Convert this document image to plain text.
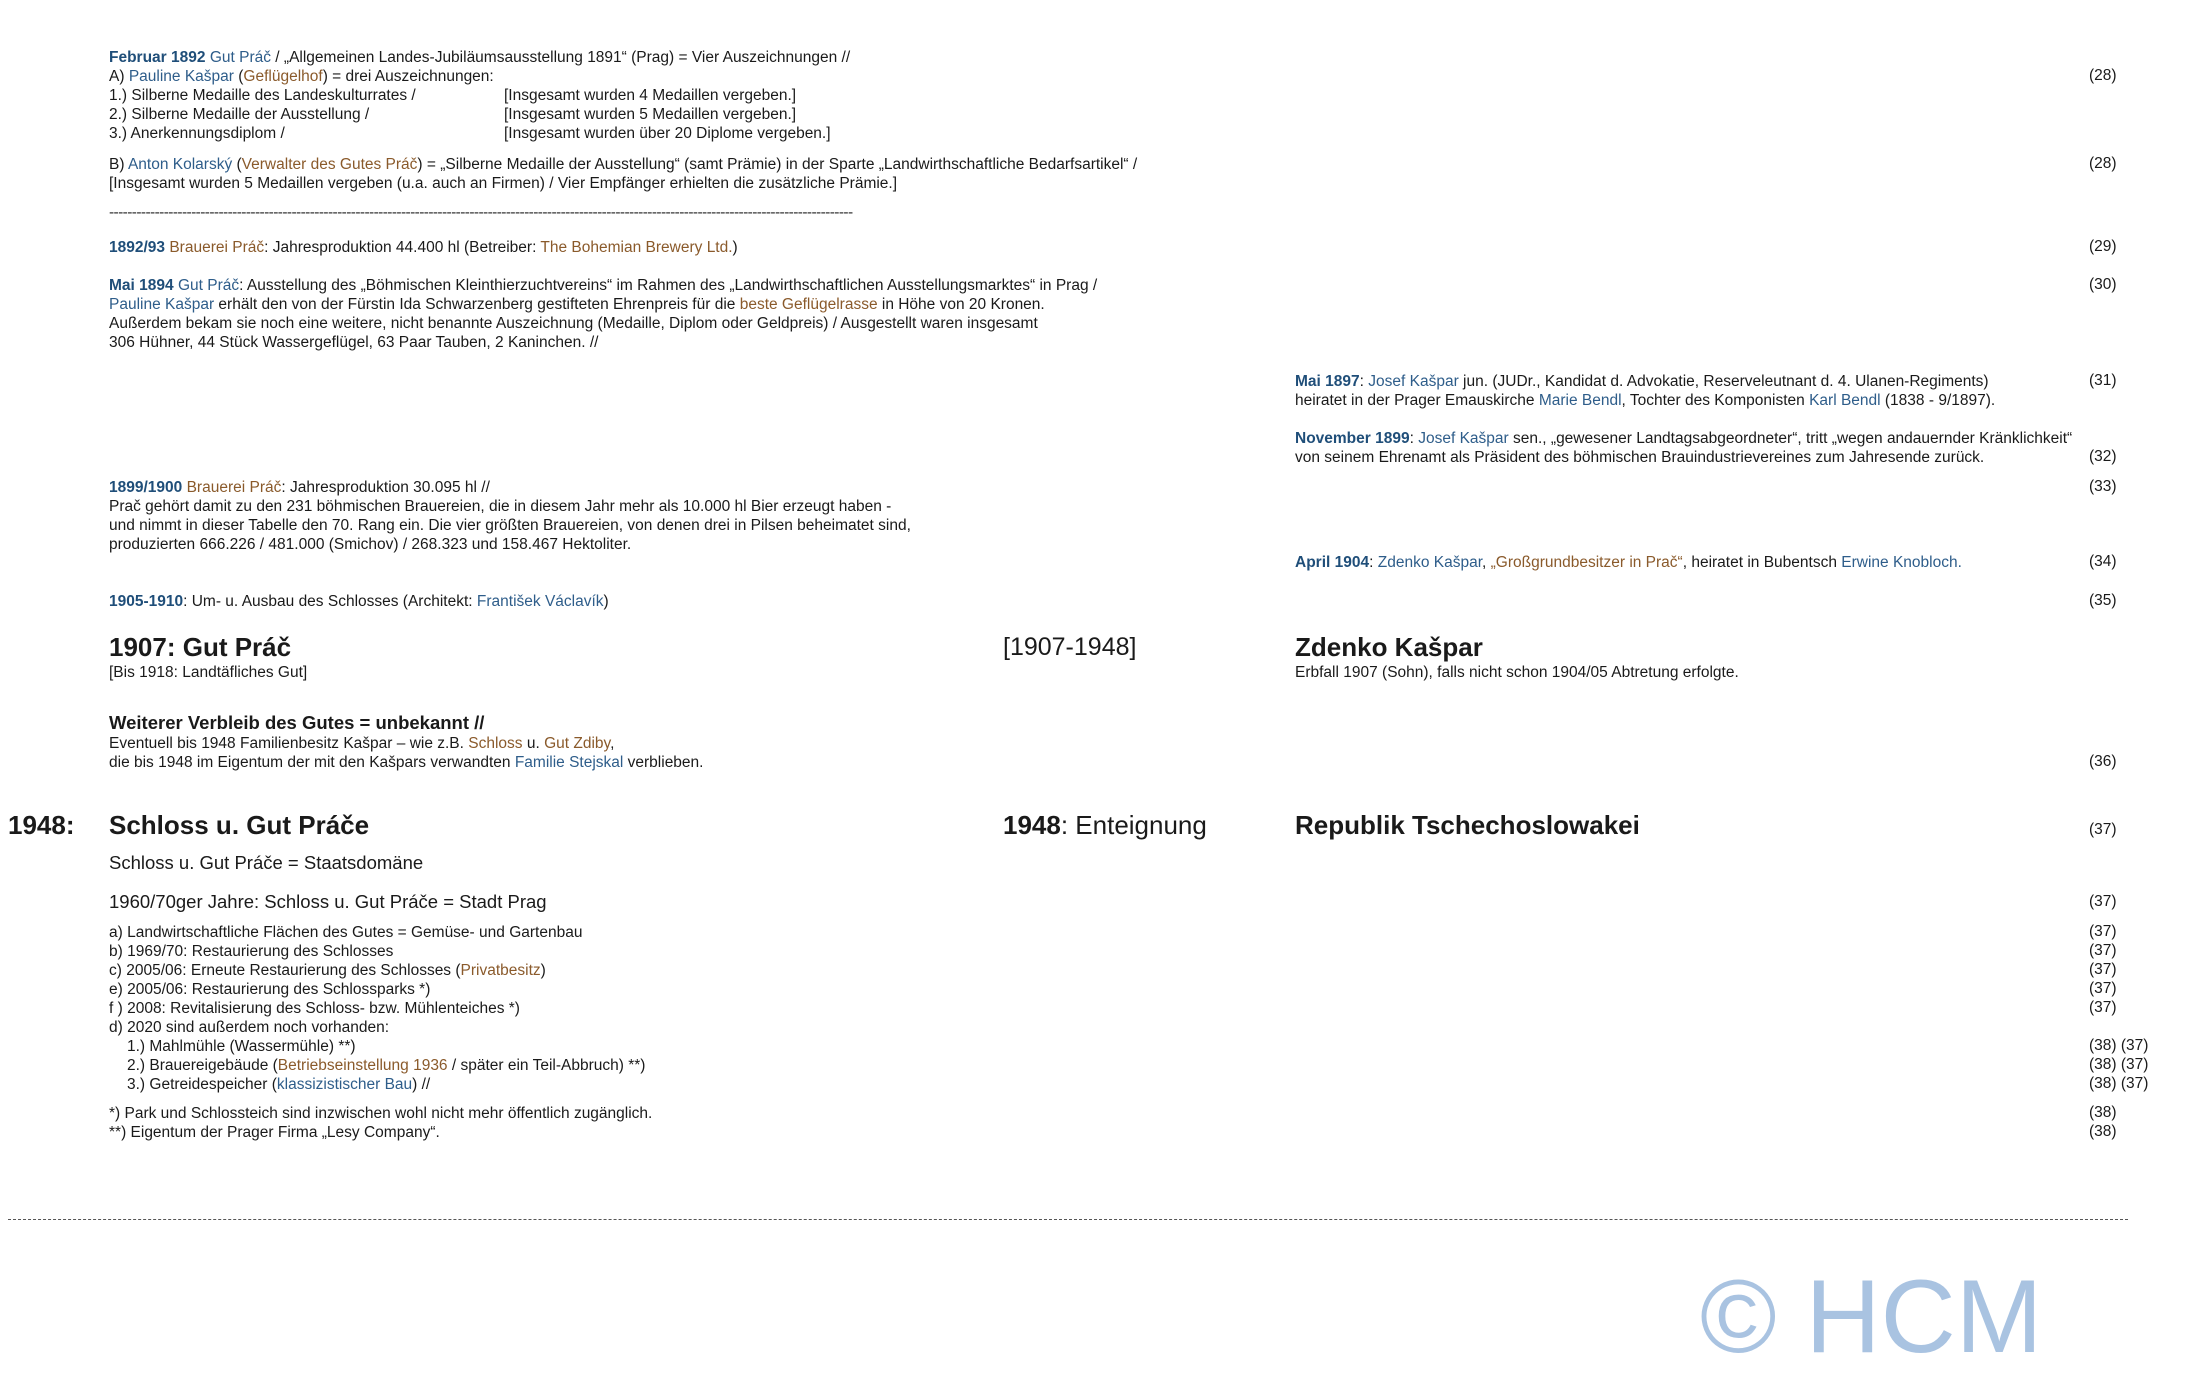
Februar 1892 Gut Práč / „Allgemeinen Landes-Jubiläumsausstellung 1891“ (Prag) = Vier Auszeichnungen //
A) Pauline Kašpar (Geflügelhof) = drei Auszeichnungen:	(28)
1.) Silberne Medaille des Landeskulturrates /	[Insgesamt wurden 4 Medaillen vergeben.]
2.) Silberne Medaille der Ausstellung /	[Insgesamt wurden 5 Medaillen vergeben.]
3.) Anerkennungsdiplom /	[Insgesamt wurden über 20 Diplome vergeben.]
B) Anton Kolarský (Verwalter des Gutes Práč) = „Silberne Medaille der Ausstellung“ (samt Prämie) in der Sparte „Landwirthschaftliche Bedarfsartikel“ /	(28)
[Insgesamt wurden 5 Medaillen vergeben (u.a. auch an Firmen) / Vier Empfänger erhielten die zusätzliche Prämie.]
-------------------------------------------------------------------------------------------------------------------------------------------------------------------
1892/93 Brauerei Práč: Jahresproduktion 44.400 hl (Betreiber: The Bohemian Brewery Ltd.)	(29)
Mai 1894 Gut Práč: Ausstellung des „Böhmischen Kleinthierzuchtvereins“ im Rahmen des „Landwirthschaftlichen Ausstellungsmarktes“ in Prag /	(30)
Pauline Kašpar erhält den von der Fürstin Ida Schwarzenberg gestifteten Ehrenpreis für die beste Geflügelrasse in Höhe von 20 Kronen.
Außerdem bekam sie noch eine weitere, nicht benannte Auszeichnung (Medaille, Diplom oder Geldpreis) / Ausgestellt waren insgesamt
306 Hühner, 44 Stück Wassergeflügel, 63 Paar Tauben, 2 Kaninchen. //
Mai 1897: Josef Kašpar jun. (JUDr., Kandidat d. Advokatie, Reserveleutnant d. 4. Ulanen-Regiments)	(31)
heiratet in der Prager Emauskirche Marie Bendl, Tochter des Komponisten Karl Bendl (1838 - 9/1897).
November 1899: Josef Kašpar sen., „gewesener Landtagsabgeordneter“, tritt „wegen andauernder Kränklichkeit“
von seinem Ehrenamt als Präsident des böhmischen Brauindustrievereines zum Jahresende zurück.	(32)
1899/1900 Brauerei Práč: Jahresproduktion 30.095 hl //	(33)
Prač gehört damit zu den 231 böhmischen Brauereien, die in diesem Jahr mehr als 10.000 hl Bier erzeugt haben -
und nimmt in dieser Tabelle den 70. Rang ein. Die vier größten Brauereien, von denen drei in Pilsen beheimatet sind,
produzierten 666.226 / 481.000 (Smichov) / 268.323 und 158.467 Hektoliter.
April 1904: Zdenko Kašpar, „Großgrundbesitzer in Prač“, heiratet in Bubentsch Erwine Knobloch.	(34)
1905-1910: Um- u. Ausbau des Schlosses (Architekt: František Václavík)	(35)
1907: Gut Práč	[1907-1948]	Zdenko Kašpar
[Bis 1918: Landtäfliches Gut]	Erbfall 1907 (Sohn), falls nicht schon 1904/05 Abtretung erfolgte.
Weiterer Verbleib des Gutes = unbekannt //
Eventuell bis 1948 Familienbesitz Kašpar – wie z.B. Schloss u. Gut Zdiby,
die bis 1948 im Eigentum der mit den Kašpars verwandten Familie Stejskal verblieben.	(36)
1948: Schloss u. Gut Práče	1948: Enteignung	Republik Tschechoslowakei	(37)
Schloss u. Gut Práče = Staatsdomäne
1960/70ger Jahre: Schloss u. Gut Práče = Stadt Prag	(37)
a) Landwirtschaftliche Flächen des Gutes = Gemüse- und Gartenbau	(37)
b) 1969/70: Restaurierung des Schlosses	(37)
c) 2005/06: Erneute Restaurierung des Schlosses (Privatbesitz)	(37)
e) 2005/06: Restaurierung des Schlossparks *)	(37)
f ) 2008: Revitalisierung des Schloss- bzw. Mühlenteiches *)	(37)
d) 2020 sind außerdem noch vorhanden:
1.) Mahlmühle (Wassermühle) **)	(38) (37)
2.) Brauereigebäude (Betriebseinstellung 1936 / später ein Teil-Abbruch) **)	(38) (37)
3.) Getreidespeicher (klassizistischer Bau) //	(38) (37)
*) Park und Schlossteich sind inzwischen wohl nicht mehr öffentlich zugänglich.	(38)
**) Eigentum der Prager Firma „Lesy Company“.	(38)
© HCM
